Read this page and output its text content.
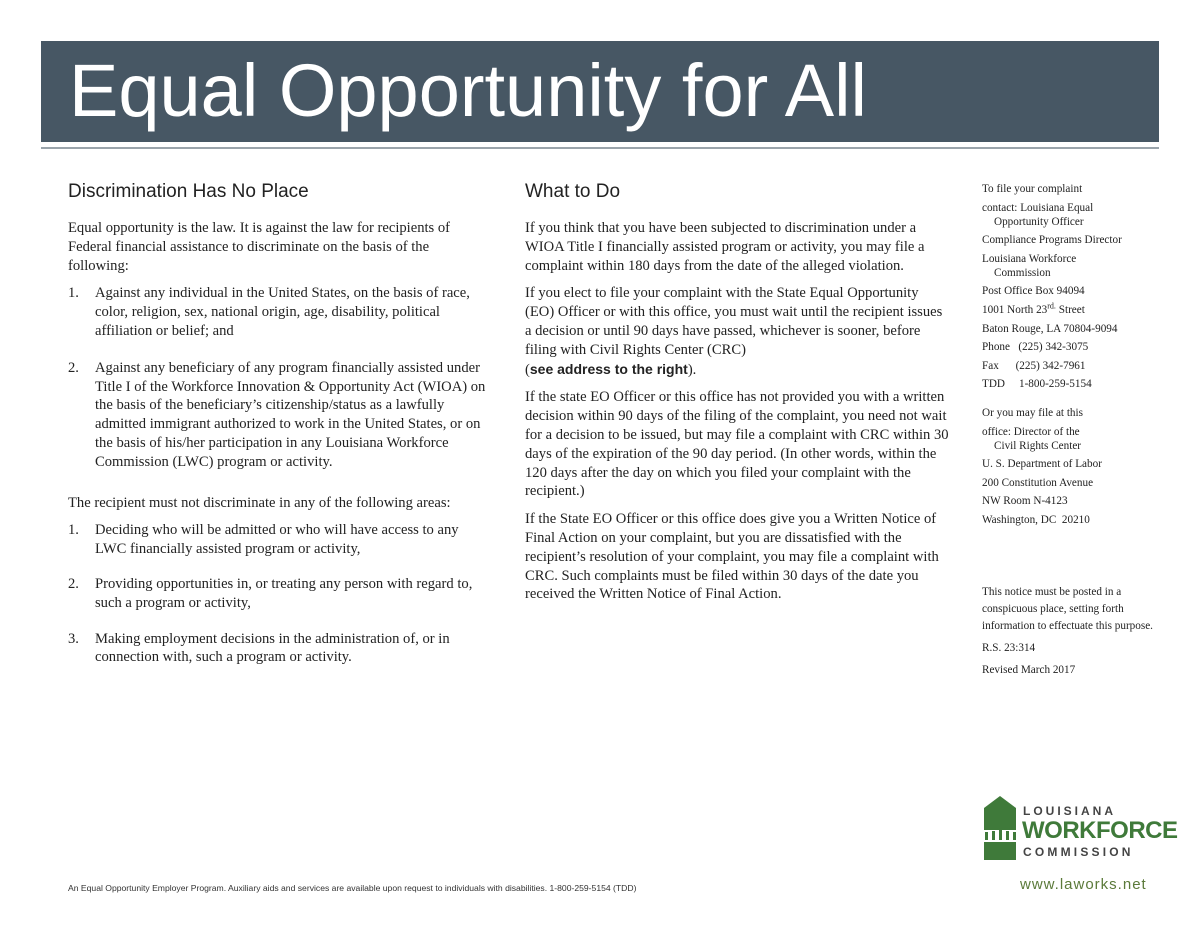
Equal Opportunity for All
Discrimination Has No Place

Equal opportunity is the law. It is against the law for recipients of Federal financial assistance to discriminate on the basis of the following:

1. Against any individual in the United States, on the basis of race, color, religion, sex, national origin, age, disability, political affiliation or belief; and
2. Against any beneficiary of any program financially assisted under Title I of the Workforce Innovation & Opportunity Act (WIOA) on the basis of the beneficiary’s citizenship/status as a lawfully admitted immigrant authorized to work in the United States, or on the basis of his/her participation in any Louisiana Workforce Commission (LWC) program or activity.

The recipient must not discriminate in any of the following areas:

1. Deciding who will be admitted or who will have access to any LWC financially assisted program or activity,
2. Providing opportunities in, or treating any person with regard to, such a program or activity,
3. Making employment decisions in the administration of, or in connection with, such a program or activity.
What to Do

If you think that you have been subjected to discrimination under a WIOA Title I financially assisted program or activity, you may file a complaint within 180 days from the date of the alleged violation.

If you elect to file your complaint with the State Equal Opportunity (EO) Officer or with this office, you must wait until the recipient issues a decision or until 90 days have passed, whichever is sooner, before filing with Civil Rights Center (CRC)
(see address to the right).

If the state EO Officer or this office has not provided you with a written decision within 90 days of the filing of the complaint, you need not wait for a decision to be issued, but may file a complaint with CRC within 30 days of the expiration of the 90 day period. (In other words, within the 120 days after the day on which you filed your complaint with the recipient.)

If the State EO Officer or this office does give you a Written Notice of Final Action on your complaint, but you are dissatisfied with the recipient’s resolution of your complaint, you may file a complaint with CRC. Such complaints must be filed within 30 days of the date you received the Written Notice of Final Action.

To file your complaint
contact: Louisiana Equal
Opportunity Officer
Compliance Programs Director
Louisiana Workforce
Commission
Post Office Box 94094
1001 North $23^{rd.}$ Street
Baton Rouge, LA 70804-9094
Phone   (225) 342-3075
Fax      (225) 342-7961
TDD     1-800-259-5154
Or you may file at this
office: Director of the
Civil Rights Center
U. S. Department of Labor
200 Constitution Avenue
NW Room N-4123
Washington, DC  20210
This notice must be posted in a conspicuous place, setting forth information to effectuate this purpose.
R.S. 23:314
Revised March 2017
LOUISIANA
WORKFORCE
COMMISSION
An Equal Opportunity Employer Program. Auxiliary aids and services are available upon request to individuals with disabilities. 1-800-259-5154 (TDD)	www.laworks.net
